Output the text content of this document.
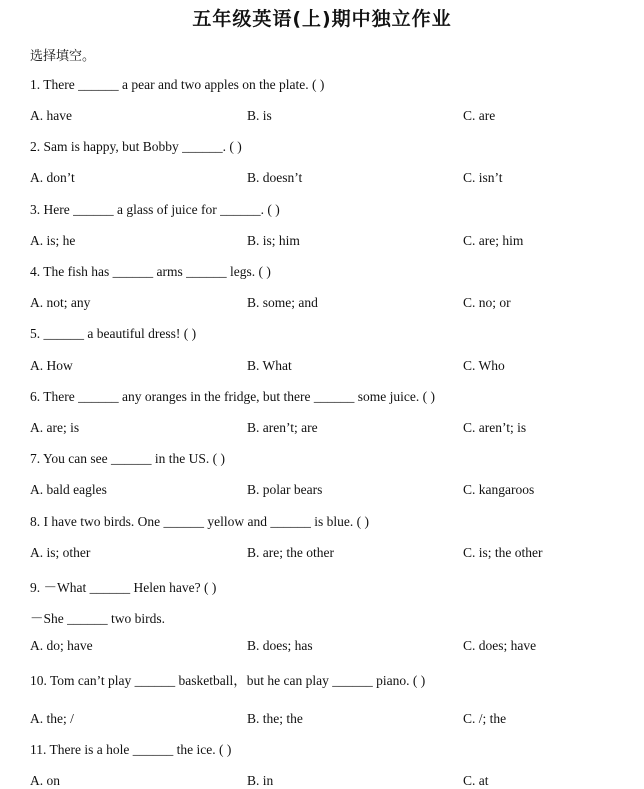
五年级英语(上)期中独立作业
选择填空。
1. There ______ a pear and two apples on the plate. ( )
A. have	B. is	C. are
2. Sam is happy, but Bobby ______. ( )
A. don’t	B. doesn’t	C. isn’t
3. Here ______ a glass of juice for ______. ( )
A. is; he	B. is; him	C. are; him
4. The fish has ______ arms ______ legs. ( )
A. not; any	B. some; and	C. no; or
5. ______ a beautiful dress! ( )
A. How	B. What	C. Who
6. There ______ any oranges in the fridge, but there ______ some juice. ( )
A. are; is	B. aren’t; are	C. aren’t; is
7. You can see ______ in the US. ( )
A. bald eagles	B. polar bears	C. kangaroos
8. I have two birds. One ______ yellow and ______ is blue. ( )
A. is; other	B. are; the other	C. is; the other
9. －What ______ Helen have? ( )
－She ______ two birds.
A. do; have	B. does; has	C. does; have
10. Tom can’t play ______ basketball，but he can play ______ piano. ( )
A. the; /	B. the; the	C. /; the
11. There is a hole ______ the ice. ( )
A. on	B. in	C. at
